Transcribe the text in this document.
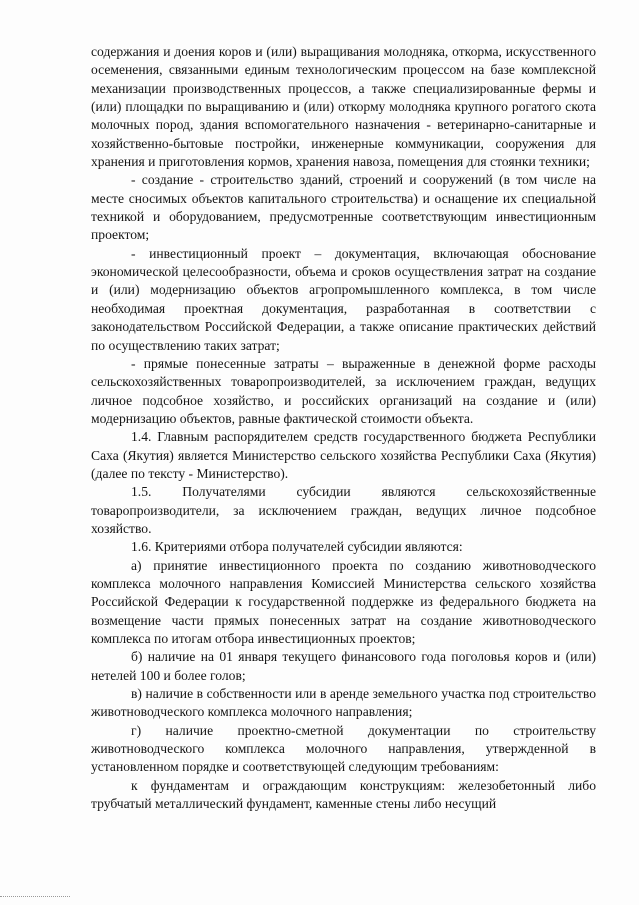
содержания и доения коров и (или) выращивания молодняка, откорма, искусственного осеменения, связанными единым технологическим процессом на базе комплексной механизации производственных процессов, а также специализированные фермы и (или) площадки по выращиванию и (или) откорму молодняка крупного рогатого скота молочных пород, здания вспомогательного назначения - ветеринарно-санитарные и хозяйственно-бытовые постройки, инженерные коммуникации, сооружения для хранения и приготовления кормов, хранения навоза, помещения для стоянки техники;

- создание - строительство зданий, строений и сооружений (в том числе на месте сносимых объектов капитального строительства) и оснащение их специальной техникой и оборудованием, предусмотренные соответствующим инвестиционным проектом;

- инвестиционный проект – документация, включающая обоснование экономической целесообразности, объема и сроков осуществления затрат на создание и (или) модернизацию объектов агропромышленного комплекса, в том числе необходимая проектная документация, разработанная в соответствии с законодательством Российской Федерации, а также описание практических действий по осуществлению таких затрат;

- прямые понесенные затраты – выраженные в денежной форме расходы сельскохозяйственных товаропроизводителей, за исключением граждан, ведущих личное подсобное хозяйство, и российских организаций на создание и (или) модернизацию объектов, равные фактической стоимости объекта.

1.4. Главным распорядителем средств государственного бюджета Республики Саха (Якутия) является Министерство сельского хозяйства Республики Саха (Якутия) (далее по тексту - Министерство).

1.5. Получателями субсидии являются сельскохозяйственные товаропроизводители, за исключением граждан, ведущих личное подсобное хозяйство.

1.6. Критериями отбора получателей субсидии являются:

а) принятие инвестиционного проекта по созданию животноводческого комплекса молочного направления Комиссией Министерства сельского хозяйства Российской Федерации к государственной поддержке из федерального бюджета на возмещение части прямых понесенных затрат на создание животноводческого комплекса по итогам отбора инвестиционных проектов;

б) наличие на 01 января текущего финансового года поголовья коров и (или) нетелей 100 и более голов;

в) наличие в собственности или в аренде земельного участка под строительство животноводческого комплекса молочного направления;

г) наличие проектно-сметной документации по строительству животноводческого комплекса молочного направления, утвержденной в установленном порядке и соответствующей следующим требованиям:

к фундаментам и ограждающим конструкциям: железобетонный либо трубчатый металлический фундамент, каменные стены либо несущий
